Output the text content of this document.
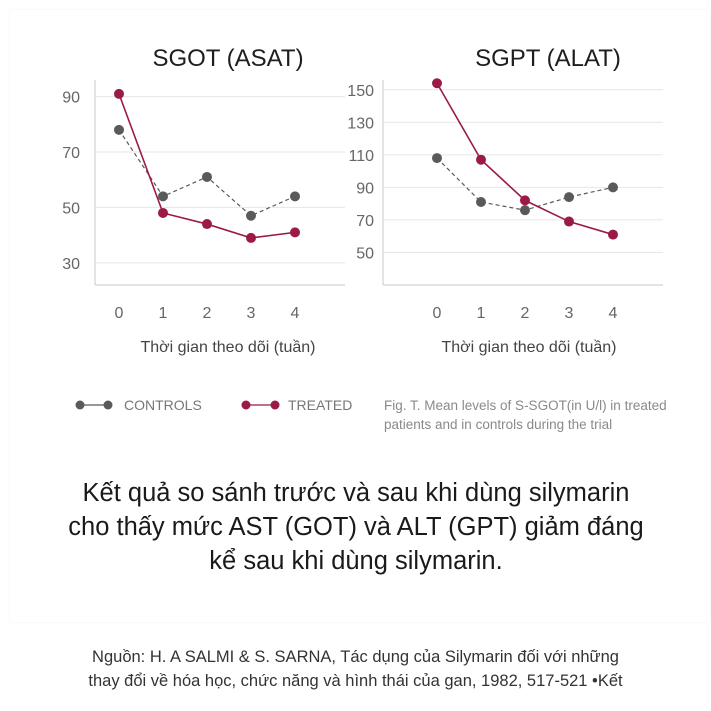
SGOT (ASAT)
90
70
50
30
0 1 2 3 4
Thời gian theo dõi (tuần)
SGPT (ALAT)
150
130
110
90
70
50
0 1 2 3 4
Thời gian theo dõi (tuần)
CONTROLS	TREATED Fig. T. Mean levels of S-SGOT(in U/l) in treated
patients and in controls during the trial
Kết quả so sánh trước và sau khi dùng silymarin
cho thấy mức AST (GOT) và ALT (GPT) giảm đáng
kể sau khi dùng silymarin.
Nguồn: H. A SALMI & S. SARNA, Tác dụng của Silymarin đối với những
thay đổi về hóa học, chức năng và hình thái của gan, 1982, 517-521 •Kết
